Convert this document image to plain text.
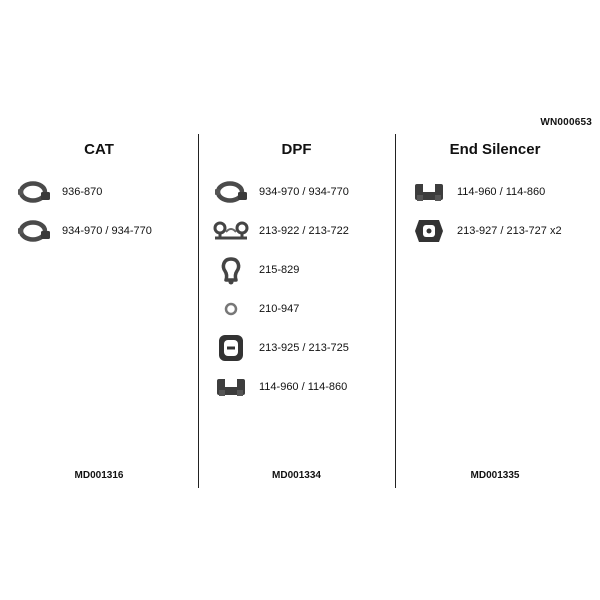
WN000653
CAT
936-870
934-970 / 934-770
MD001316
DPF
934-970 / 934-770
213-922 / 213-722
215-829
210-947
213-925 / 213-725
114-960 / 114-860
MD001334
End Silencer
114-960 / 114-860
213-927 / 213-727 x2
MD001335
